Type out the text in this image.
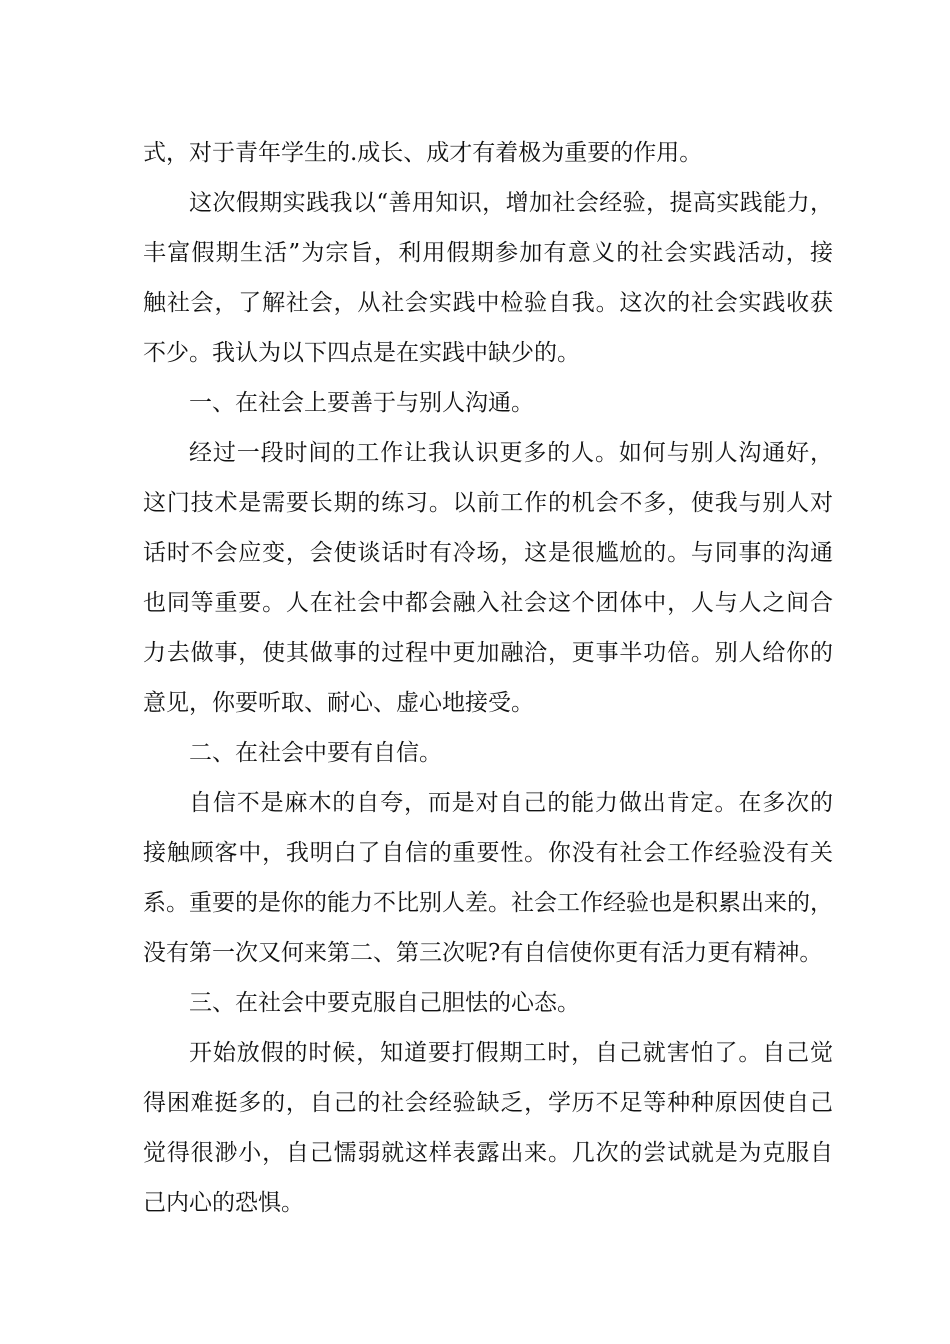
式，对于青年学生的.成长、成才有着极为重要的作用。
这次假期实践我以“善用知识，增加社会经验，提高实践能力，
丰富假期生活”为宗旨，利用假期参加有意义的社会实践活动，接
触社会，了解社会，从社会实践中检验自我。这次的社会实践收获
不少。我认为以下四点是在实践中缺少的。
一、在社会上要善于与别人沟通。
经过一段时间的工作让我认识更多的人。如何与别人沟通好，
这门技术是需要长期的练习。以前工作的机会不多，使我与别人对
话时不会应变，会使谈话时有冷场，这是很尴尬的。与同事的沟通
也同等重要。人在社会中都会融入社会这个团体中，人与人之间合
力去做事，使其做事的过程中更加融洽，更事半功倍。别人给你的
意见，你要听取、耐心、虚心地接受。
二、在社会中要有自信。
自信不是麻木的自夸，而是对自己的能力做出肯定。在多次的
接触顾客中，我明白了自信的重要性。你没有社会工作经验没有关
系。重要的是你的能力不比别人差。社会工作经验也是积累出来的，
没有第一次又何来第二、第三次呢?有自信使你更有活力更有精神。
三、在社会中要克服自己胆怯的心态。
开始放假的时候，知道要打假期工时，自己就害怕了。自己觉
得困难挺多的，自己的社会经验缺乏，学历不足等种种原因使自己
觉得很渺小，自己懦弱就这样表露出来。几次的尝试就是为克服自
己内心的恐惧。
